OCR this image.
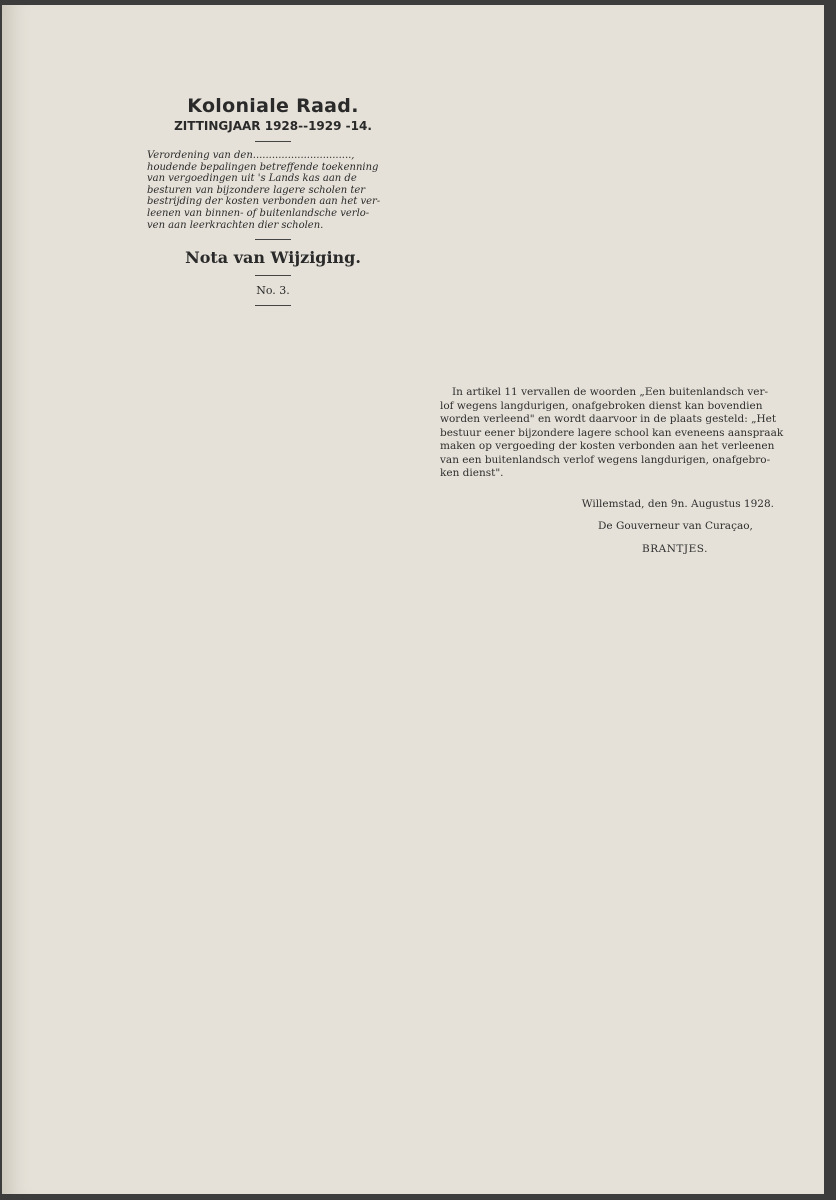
Koloniale Raad.
ZITTINGJAAR 1928--1929 -14.

Verordening van den...............................,
houdende bepalingen betreffende toekenning
van vergoedingen uit 's Lands kas aan de
besturen van bijzondere lagere scholen ter
bestrijding der kosten verbonden aan het ver-
leenen van binnen- of buitenlandsche verlo-
ven aan leerkrachten dier scholen.

Nota van Wijziging.

No. 3.

In artikel 11 vervallen de woorden „Een buitenlandsch ver-
lof wegens langdurigen, onafgebroken dienst kan bovendien
worden verleend" en wordt daarvoor in de plaats gesteld: „Het
bestuur eener bijzondere lagere school kan eveneens aanspraak
maken op vergoeding der kosten verbonden aan het verleenen
van een buitenlandsch verlof wegens langdurigen, onafgebro-
ken dienst".
Willemstad, den 9n. Augustus 1928.
De Gouverneur van Curaçao,
BRANTJES.
